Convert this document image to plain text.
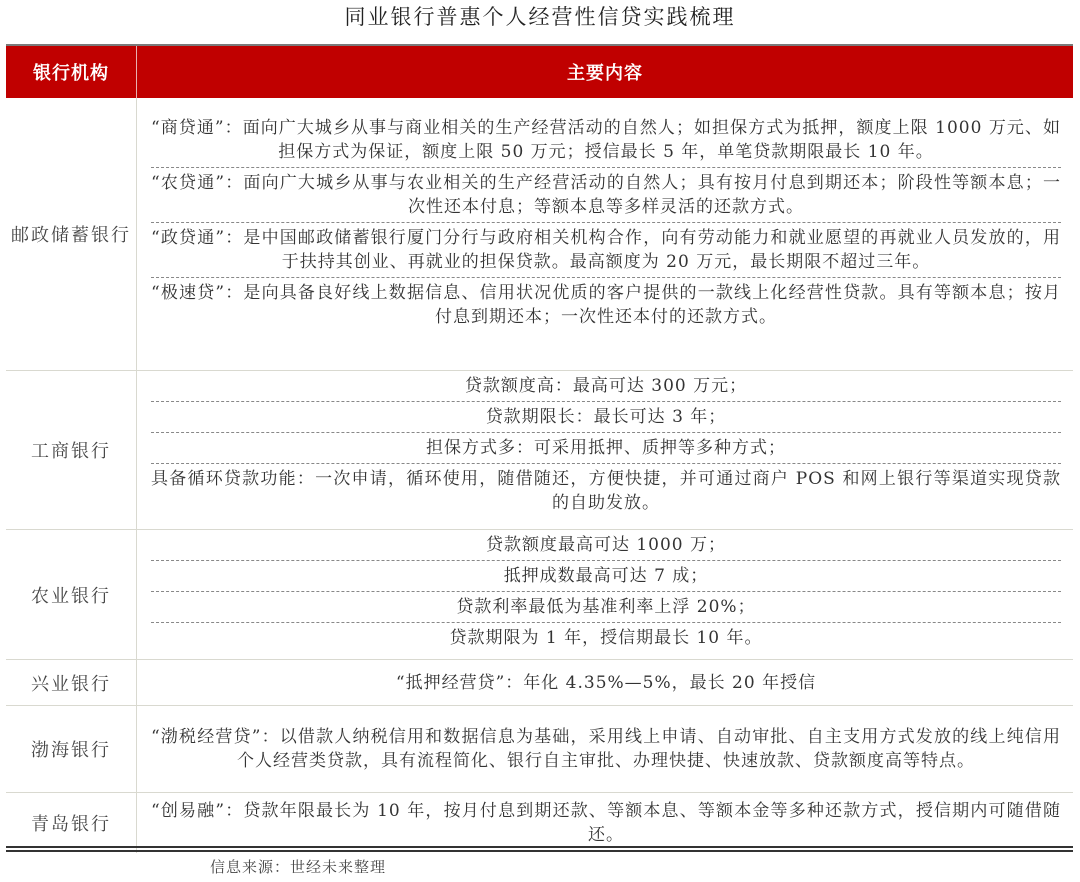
同业银行普惠个人经营性信贷实践梳理
银行机构	主要内容
邮政储蓄银行
“商贷通”：面向广大城乡从事与商业相关的生产经营活动的自然人；如担保方式为抵押，额度上限 1000 万元、如担保方式为保证，额度上限 50 万元；授信最长 5 年，单笔贷款期限最长 10 年。
“农贷通”：面向广大城乡从事与农业相关的生产经营活动的自然人；具有按月付息到期还本；阶段性等额本息；一次性还本付息；等额本息等多样灵活的还款方式。
“政贷通”：是中国邮政储蓄银行厦门分行与政府相关机构合作，向有劳动能力和就业愿望的再就业人员发放的，用于扶持其创业、再就业的担保贷款。最高额度为 20 万元，最长期限不超过三年。
“极速贷”：是向具备良好线上数据信息、信用状况优质的客户提供的一款线上化经营性贷款。具有等额本息；按月付息到期还本；一次性还本付的还款方式。
工商银行
贷款额度高：最高可达 300 万元；
贷款期限长：最长可达 3 年；
担保方式多：可采用抵押、质押等多种方式；
具备循环贷款功能：一次申请，循环使用，随借随还，方便快捷，并可通过商户 POS 和网上银行等渠道实现贷款的自助发放。
农业银行
贷款额度最高可达 1000 万；
抵押成数最高可达 7 成；
贷款利率最低为基准利率上浮 20%；
贷款期限为 1 年，授信期最长 10 年。
兴业银行	“抵押经营贷”：年化 4.35%—5%，最长 20 年授信
渤海银行
“渤税经营贷”：以借款人纳税信用和数据信息为基础，采用线上申请、自动审批、自主支用方式发放的线上纯信用个人经营类贷款，具有流程简化、银行自主审批、办理快捷、快速放款、贷款额度高等特点。
青岛银行
“创易融”：贷款年限最长为 10 年，按月付息到期还款、等额本息、等额本金等多种还款方式，授信期内可随借随还。
信息来源：世经未来整理
